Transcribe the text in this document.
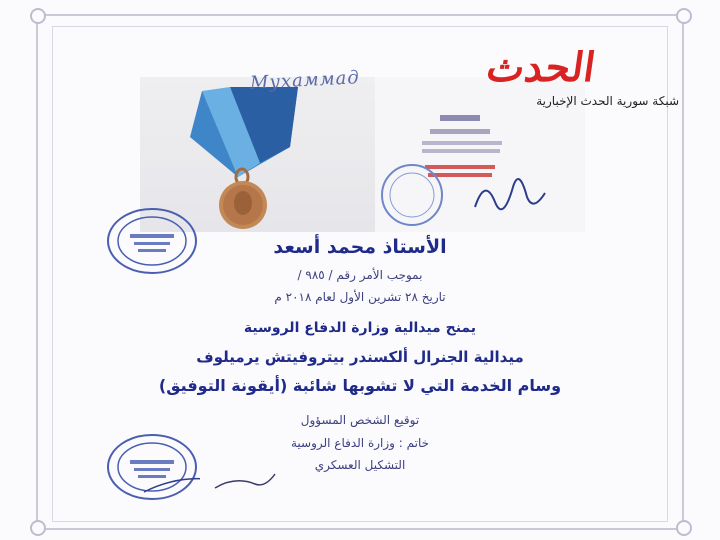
Мухаммад	الحدث
شبكة سورية الحدث الإخبارية
الأستاذ محمد أسعد
بموجب الأمر رقم / ٩٨٥ /
تاريخ ٢٨ تشرين الأول لعام ٢٠١٨ م
يمنح ميدالية وزارة الدفاع الروسية
ميدالية الجنرال ألكسندر بيتروفيتش يرميلوف
وسام الخدمة التي لا تشوبها شائبة (أيقونة التوفيق)
توقيع الشخص المسؤول
خاتم : وزارة الدفاع الروسية
التشكيل العسكري
